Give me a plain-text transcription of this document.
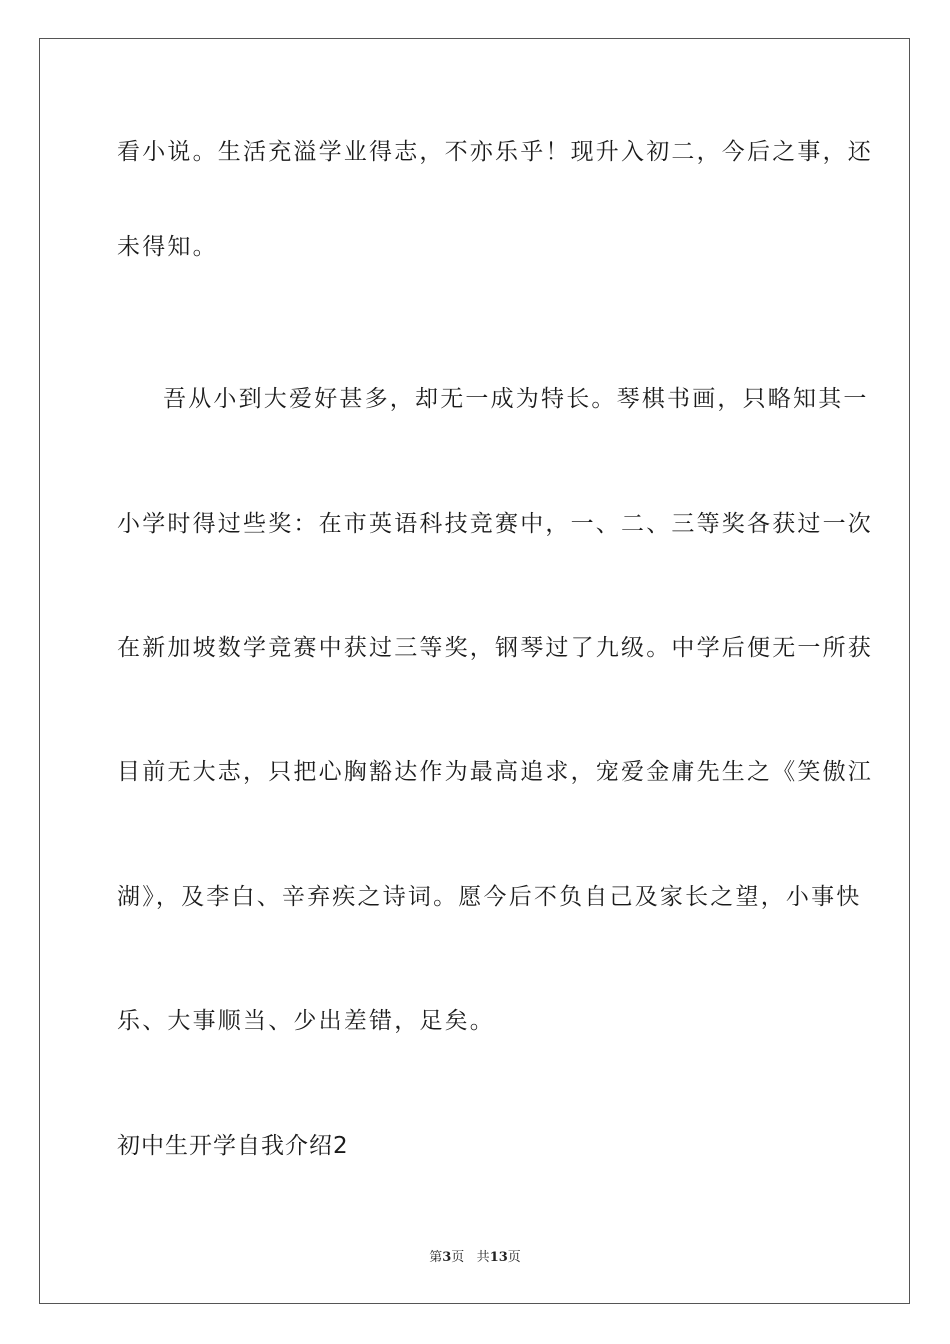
看小说。生活充溢学业得志，不亦乐乎！现升入初二，今后之事，还
未得知。
吾从小到大爱好甚多，却无一成为特长。琴棋书画，只略知其一
小学时得过些奖：在市英语科技竞赛中，一、二、三等奖各获过一次
在新加坡数学竞赛中获过三等奖，钢琴过了九级。中学后便无一所获
目前无大志，只把心胸豁达作为最高追求，宠爱金庸先生之《笑傲江
湖》，及李白、辛弃疾之诗词。愿今后不负自己及家长之望，小事快
乐、大事顺当、少出差错，足矣。
初中生开学自我介绍2
第3页 共13页
